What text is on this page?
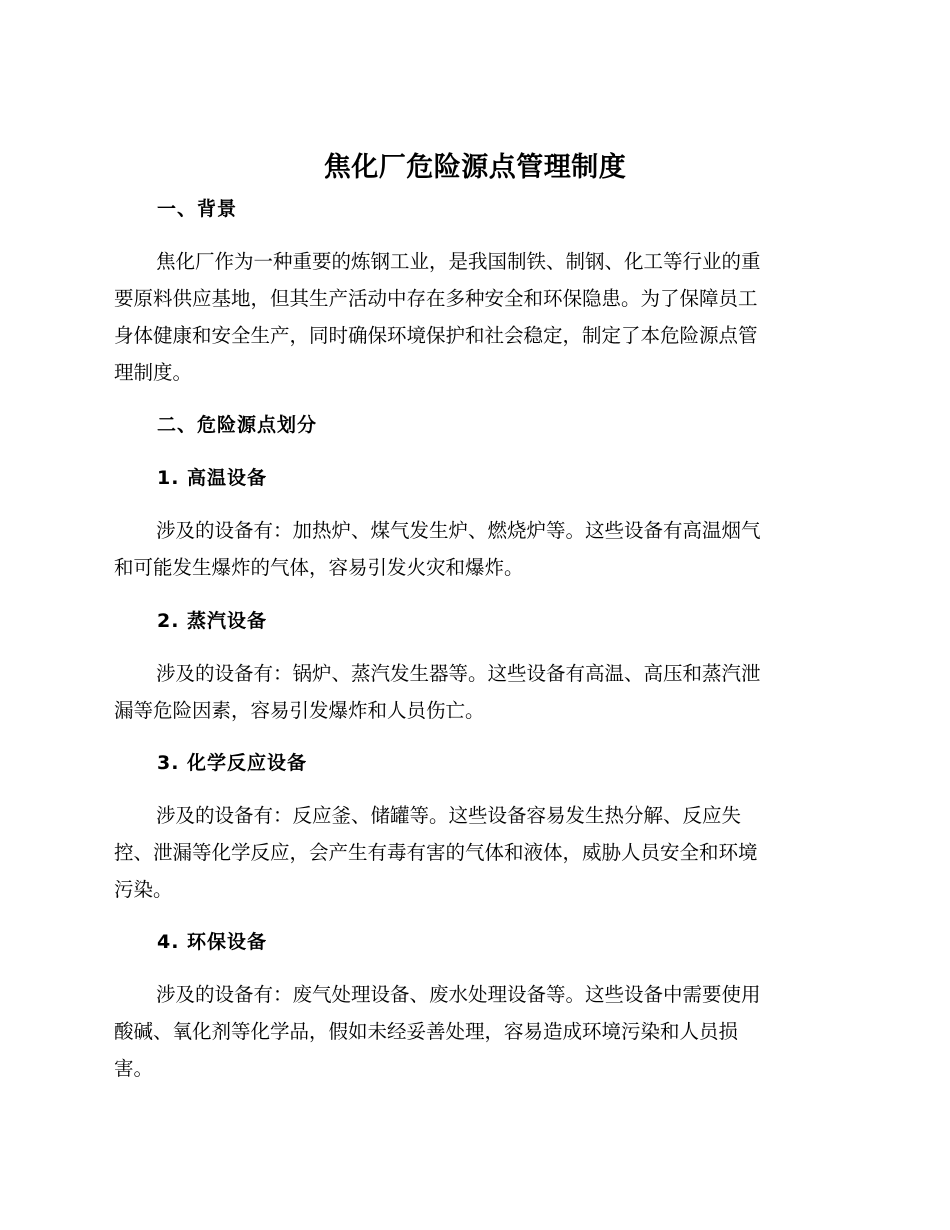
焦化厂危险源点管理制度
一、背景
焦化厂作为一种重要的炼钢工业，是我国制铁、制钢、化工等行业的重
要原料供应基地，但其生产活动中存在多种安全和环保隐患。为了保障员工
身体健康和安全生产，同时确保环境保护和社会稳定，制定了本危险源点管
理制度。
二、危险源点划分
1. 高温设备
涉及的设备有：加热炉、煤气发生炉、燃烧炉等。这些设备有高温烟气
和可能发生爆炸的气体，容易引发火灾和爆炸。
2. 蒸汽设备
涉及的设备有：锅炉、蒸汽发生器等。这些设备有高温、高压和蒸汽泄
漏等危险因素，容易引发爆炸和人员伤亡。
3. 化学反应设备
涉及的设备有：反应釜、储罐等。这些设备容易发生热分解、反应失
控、泄漏等化学反应，会产生有毒有害的气体和液体，威胁人员安全和环境
污染。
4. 环保设备
涉及的设备有：废气处理设备、废水处理设备等。这些设备中需要使用
酸碱、氧化剂等化学品，假如未经妥善处理，容易造成环境污染和人员损
害。
